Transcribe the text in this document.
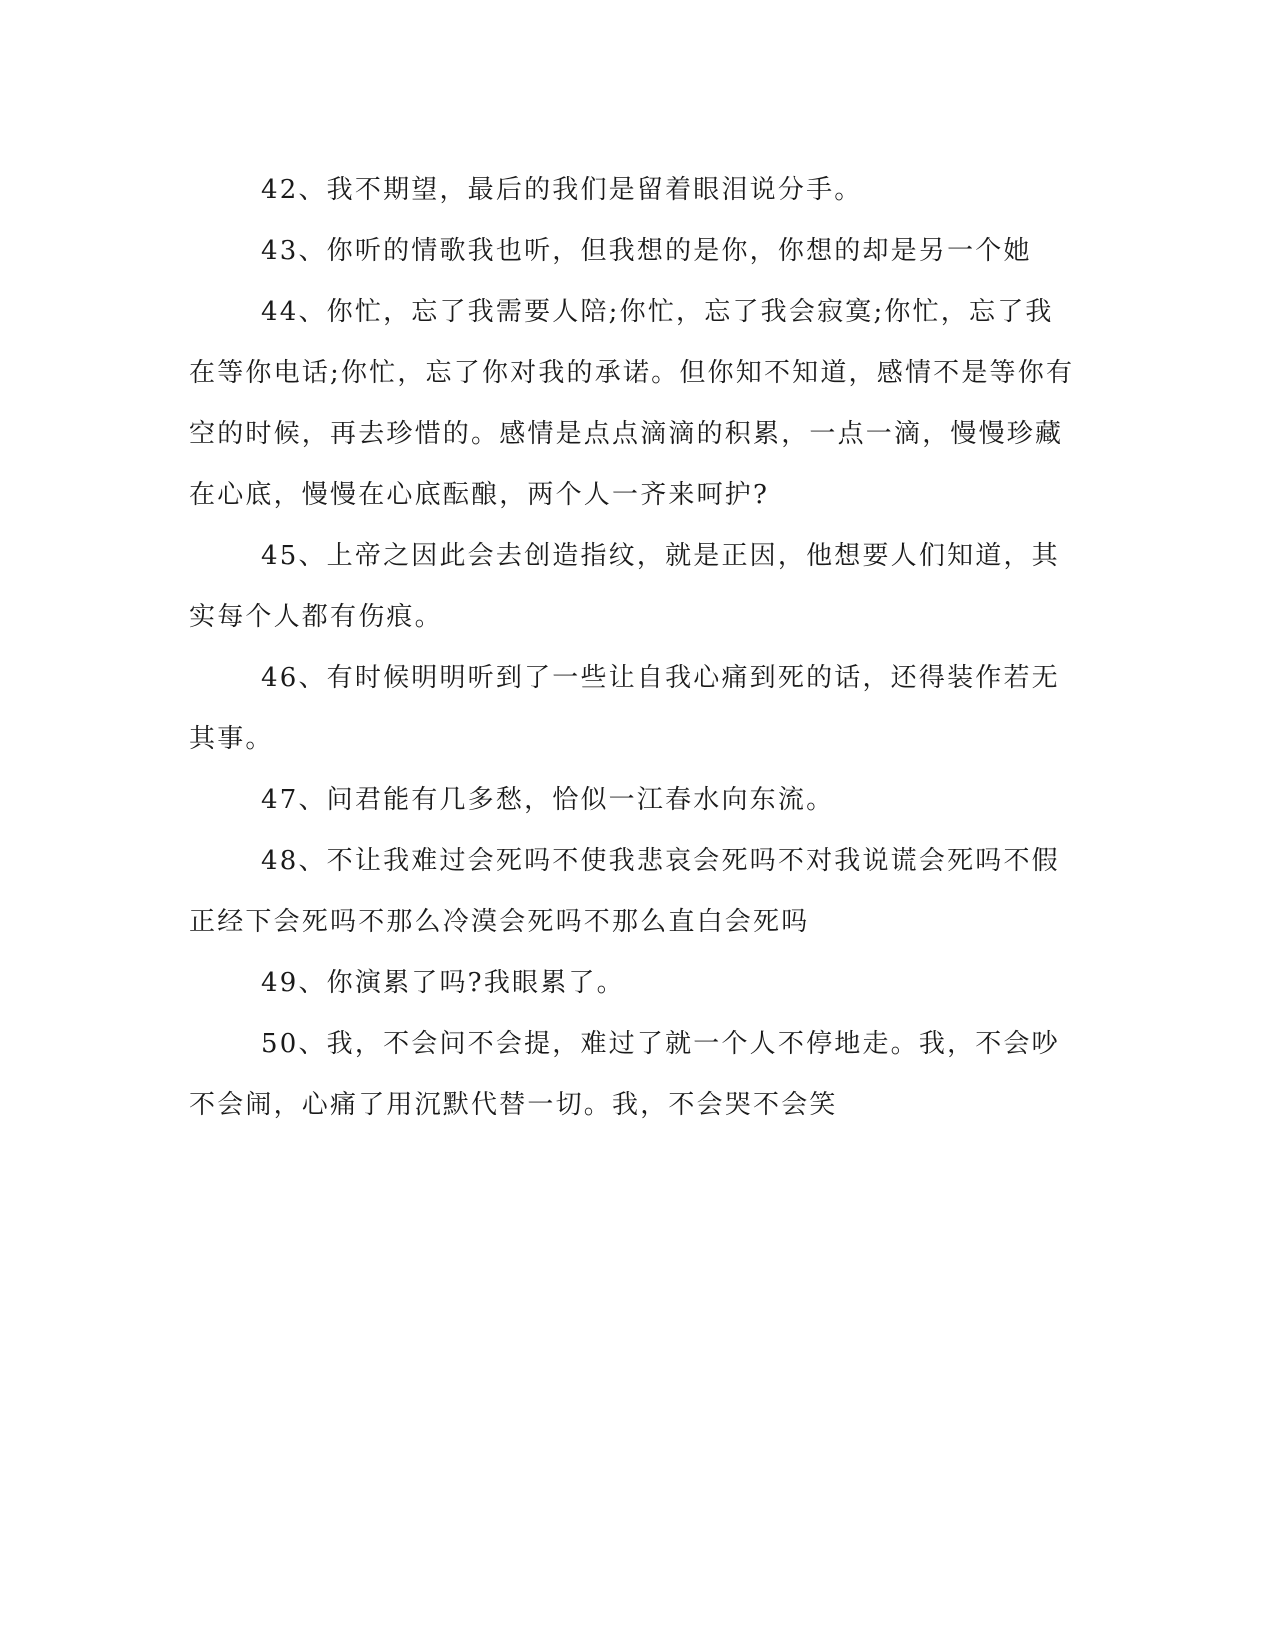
42、我不期望，最后的我们是留着眼泪说分手。

43、你听的情歌我也听，但我想的是你，你想的却是另一个她

44、你忙，忘了我需要人陪;你忙，忘了我会寂寞;你忙，忘了我在等你电话;你忙，忘了你对我的承诺。但你知不知道，感情不是等你有空的时候，再去珍惜的。感情是点点滴滴的积累，一点一滴，慢慢珍藏在心底，慢慢在心底酝酿，两个人一齐来呵护?

45、上帝之因此会去创造指纹，就是正因，他想要人们知道，其实每个人都有伤痕。

46、有时候明明听到了一些让自我心痛到死的话，还得装作若无其事。

47、问君能有几多愁，恰似一江春水向东流。

48、不让我难过会死吗不使我悲哀会死吗不对我说谎会死吗不假正经下会死吗不那么冷漠会死吗不那么直白会死吗

49、你演累了吗?我眼累了。

50、我，不会问不会提，难过了就一个人不停地走。我，不会吵不会闹，心痛了用沉默代替一切。我，不会哭不会笑
